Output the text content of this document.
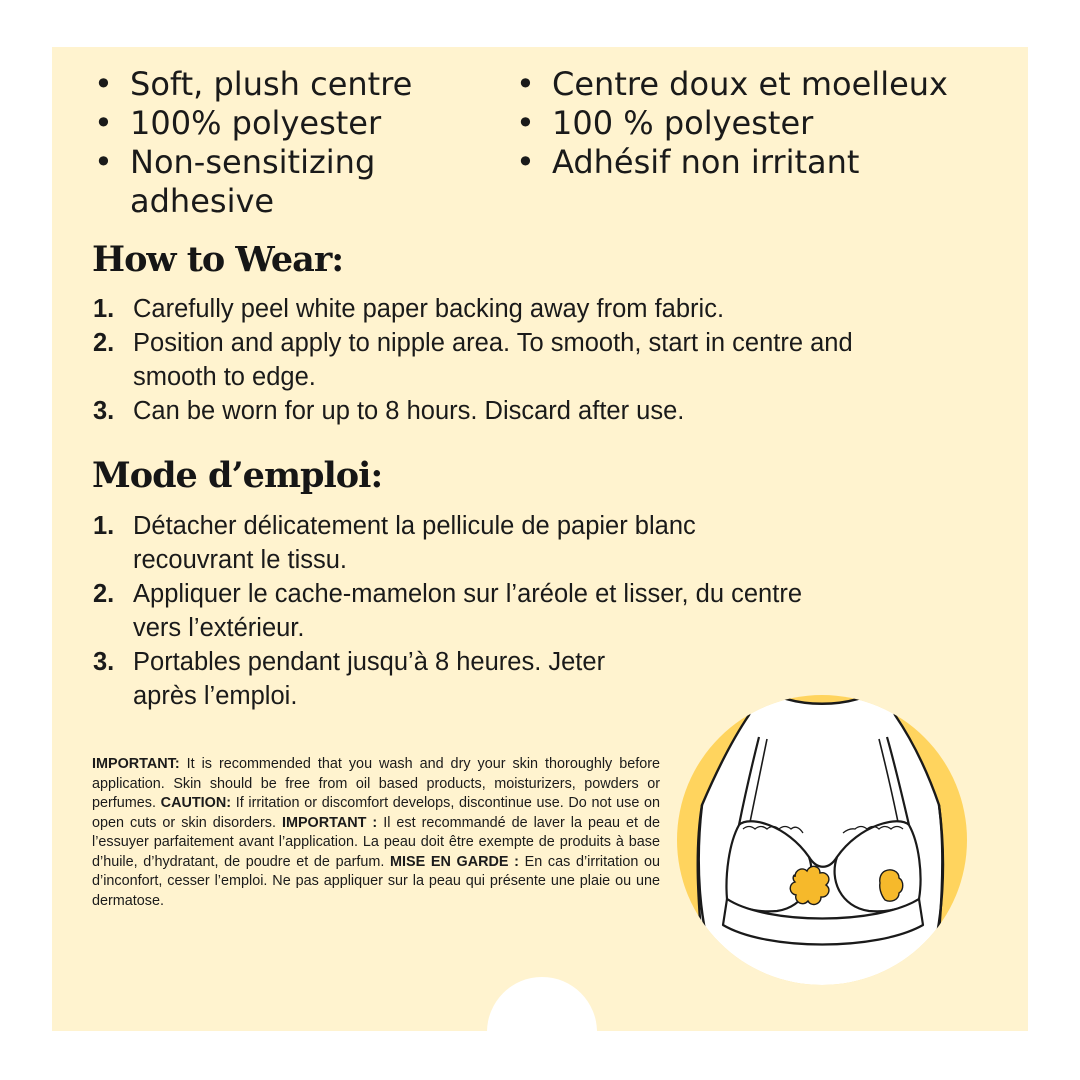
• Soft, plush centre
• 100% polyester
• Non-sensitizing adhesive
• Centre doux et moelleux
• 100 % polyester
• Adhésif non irritant
How to Wear:
1. Carefully peel white paper backing away from fabric.
2. Position and apply to nipple area. To smooth, start in centre and smooth to edge.
3. Can be worn for up to 8 hours. Discard after use.
Mode d’emploi:
1. Détacher délicatement la pellicule de papier blanc recouvrant le tissu.
2. Appliquer le cache-mamelon sur l’aréole et lisser, du centre vers l’extérieur.
3. Portables pendant jusqu’à 8 heures. Jeter après l’emploi.

IMPORTANT: It is recommended that you wash and dry your skin thoroughly before application. Skin should be free from oil based products, moisturizers, powders or perfumes. CAUTION: If irritation or discomfort develops, discontinue use. Do not use on open cuts or skin disorders. IMPORTANT : Il est recommandé de laver la peau et de l’essuyer parfaitement avant l’application. La peau doit être exempte de produits à base d’huile, d’hydratant, de poudre et de parfum. MISE EN GARDE : En cas d’irritation ou d’inconfort, cesser l’emploi. Ne pas appliquer sur la peau qui présente une plaie ou une dermatose.
